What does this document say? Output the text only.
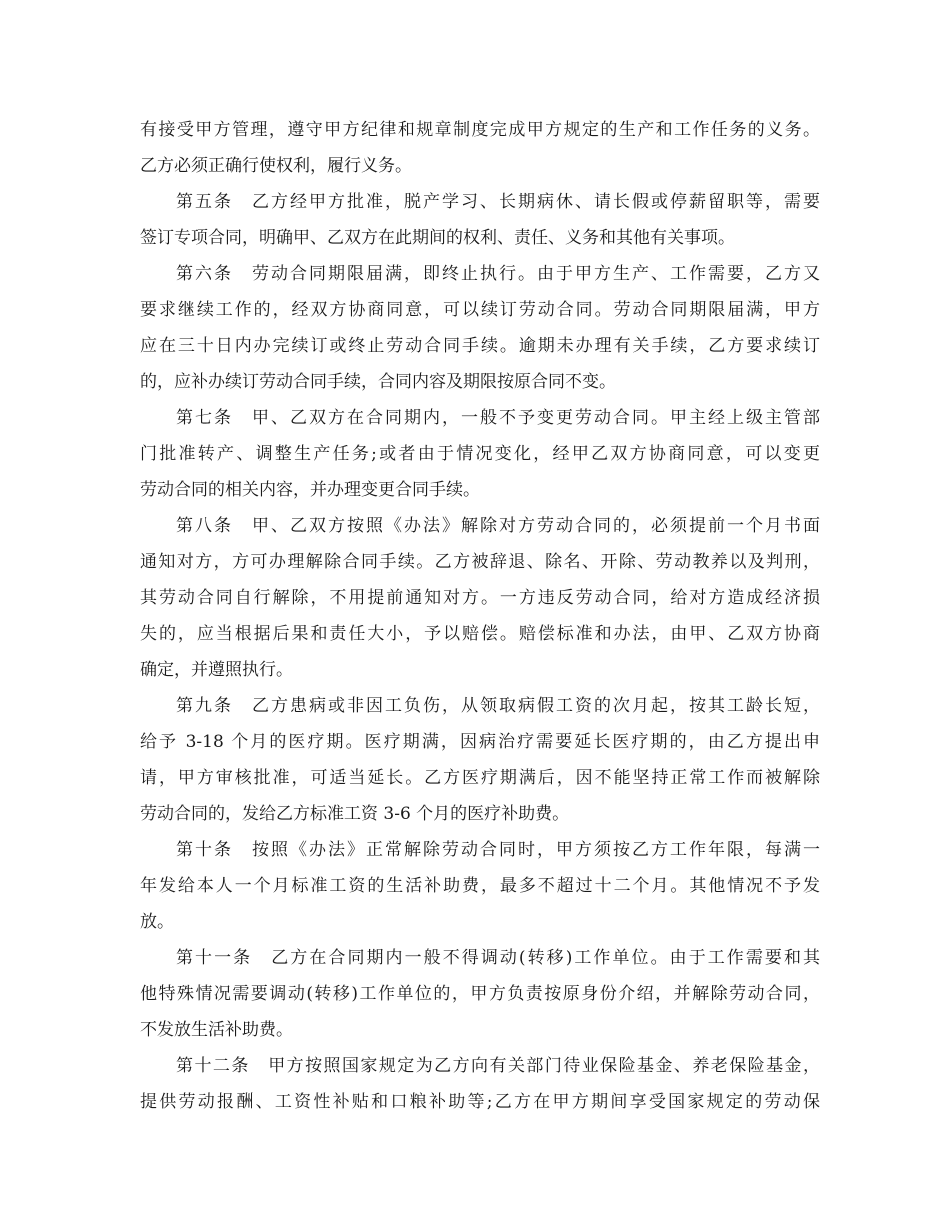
有接受甲方管理，遵守甲方纪律和规章制度完成甲方规定的生产和工作任务的义务。
乙方必须正确行使权利，履行义务。
第五条　乙方经甲方批准，脱产学习、长期病休、请长假或停薪留职等，需要
签订专项合同，明确甲、乙双方在此期间的权利、责任、义务和其他有关事项。
第六条　劳动合同期限届满，即终止执行。由于甲方生产、工作需要，乙方又
要求继续工作的，经双方协商同意，可以续订劳动合同。劳动合同期限届满，甲方
应在三十日内办完续订或终止劳动合同手续。逾期未办理有关手续，乙方要求续订
的，应补办续订劳动合同手续，合同内容及期限按原合同不变。
第七条　甲、乙双方在合同期内，一般不予变更劳动合同。甲主经上级主管部
门批准转产、调整生产任务;或者由于情况变化，经甲乙双方协商同意，可以变更
劳动合同的相关内容，并办理变更合同手续。
第八条　甲、乙双方按照《办法》解除对方劳动合同的，必须提前一个月书面
通知对方，方可办理解除合同手续。乙方被辞退、除名、开除、劳动教养以及判刑，
其劳动合同自行解除，不用提前通知对方。一方违反劳动合同，给对方造成经济损
失的，应当根据后果和责任大小，予以赔偿。赔偿标准和办法，由甲、乙双方协商
确定，并遵照执行。
第九条　乙方患病或非因工负伤，从领取病假工资的次月起，按其工龄长短，
给予 3-18 个月的医疗期。医疗期满，因病治疗需要延长医疗期的，由乙方提出申
请，甲方审核批准，可适当延长。乙方医疗期满后，因不能坚持正常工作而被解除
劳动合同的，发给乙方标准工资 3-6 个月的医疗补助费。
第十条　按照《办法》正常解除劳动合同时，甲方须按乙方工作年限，每满一
年发给本人一个月标准工资的生活补助费，最多不超过十二个月。其他情况不予发
放。
第十一条　乙方在合同期内一般不得调动(转移)工作单位。由于工作需要和其
他特殊情况需要调动(转移)工作单位的，甲方负责按原身份介绍，并解除劳动合同，
不发放生活补助费。
第十二条　甲方按照国家规定为乙方向有关部门待业保险基金、养老保险基金，
提供劳动报酬、工资性补贴和口粮补助等;乙方在甲方期间享受国家规定的劳动保
